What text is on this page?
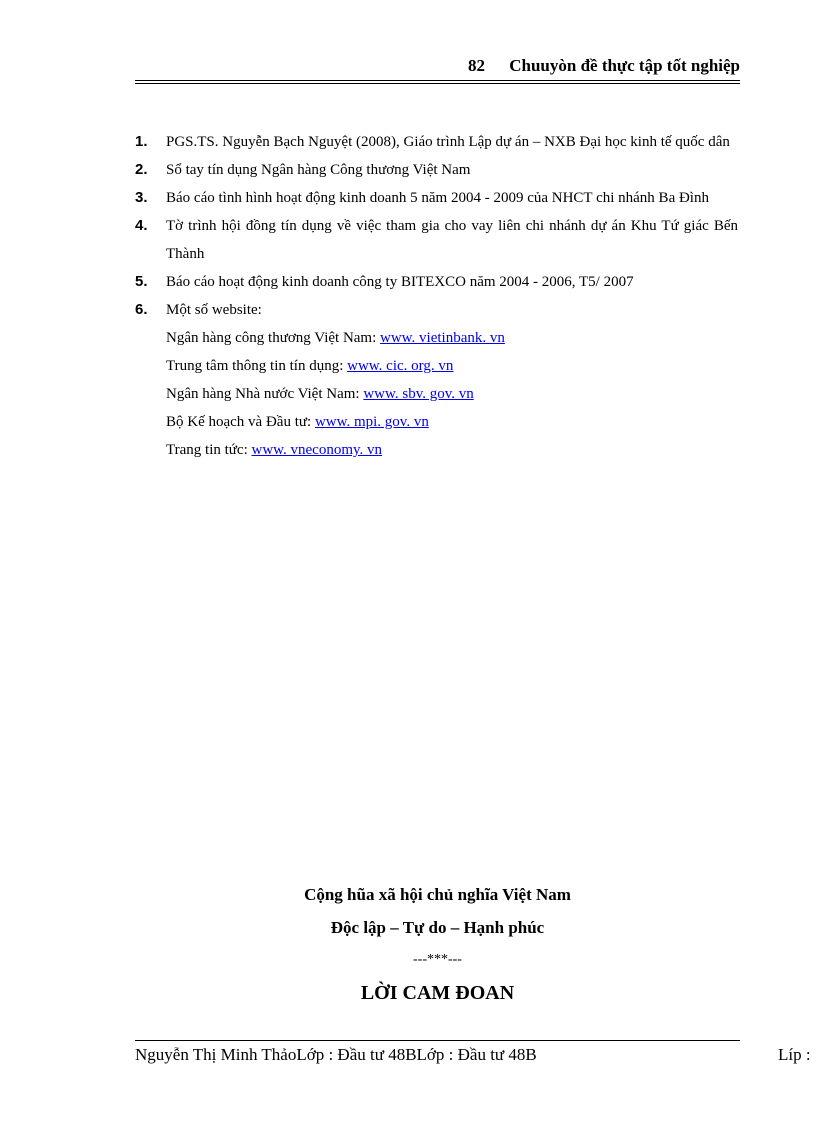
82 Chuuyòn đề thực tập tốt nghiệp
1. PGS.TS. Nguyễn Bạch Nguyệt (2008), Giáo trình Lập dự án – NXB Đại học kinh tế quốc dân
2. Sổ tay tín dụng Ngân hàng Công thương Việt Nam
3. Báo cáo tình hình hoạt động kinh doanh 5 năm 2004 - 2009 của NHCT chi nhánh Ba Đình
4. Tờ trình hội đồng tín dụng về việc tham gia cho vay liên chi nhánh dự án Khu Tứ giác Bến Thành
5. Báo cáo hoạt động kinh doanh công ty BITEXCO năm 2004 - 2006, T5/ 2007
6. Một số website:
Ngân hàng công thương Việt Nam: www. vietinbank. vn
Trung tâm thông tin tín dụng: www. cic. org. vn
Ngân hàng Nhà nước Việt Nam: www. sbv. gov. vn
Bộ Kế hoạch và Đầu tư: www. mpi. gov. vn
Trang tin tức: www. vneconomy. vn
Cộng hũa xã hội chủ nghĩa Việt Nam
Độc lập – Tự do – Hạnh phúc
---***---
LỜI CAM ĐOAN
Nguyễn Thị Minh ThảoLớp : Đầu tư 48BLớp : Đầu tư 48B	Líp :
